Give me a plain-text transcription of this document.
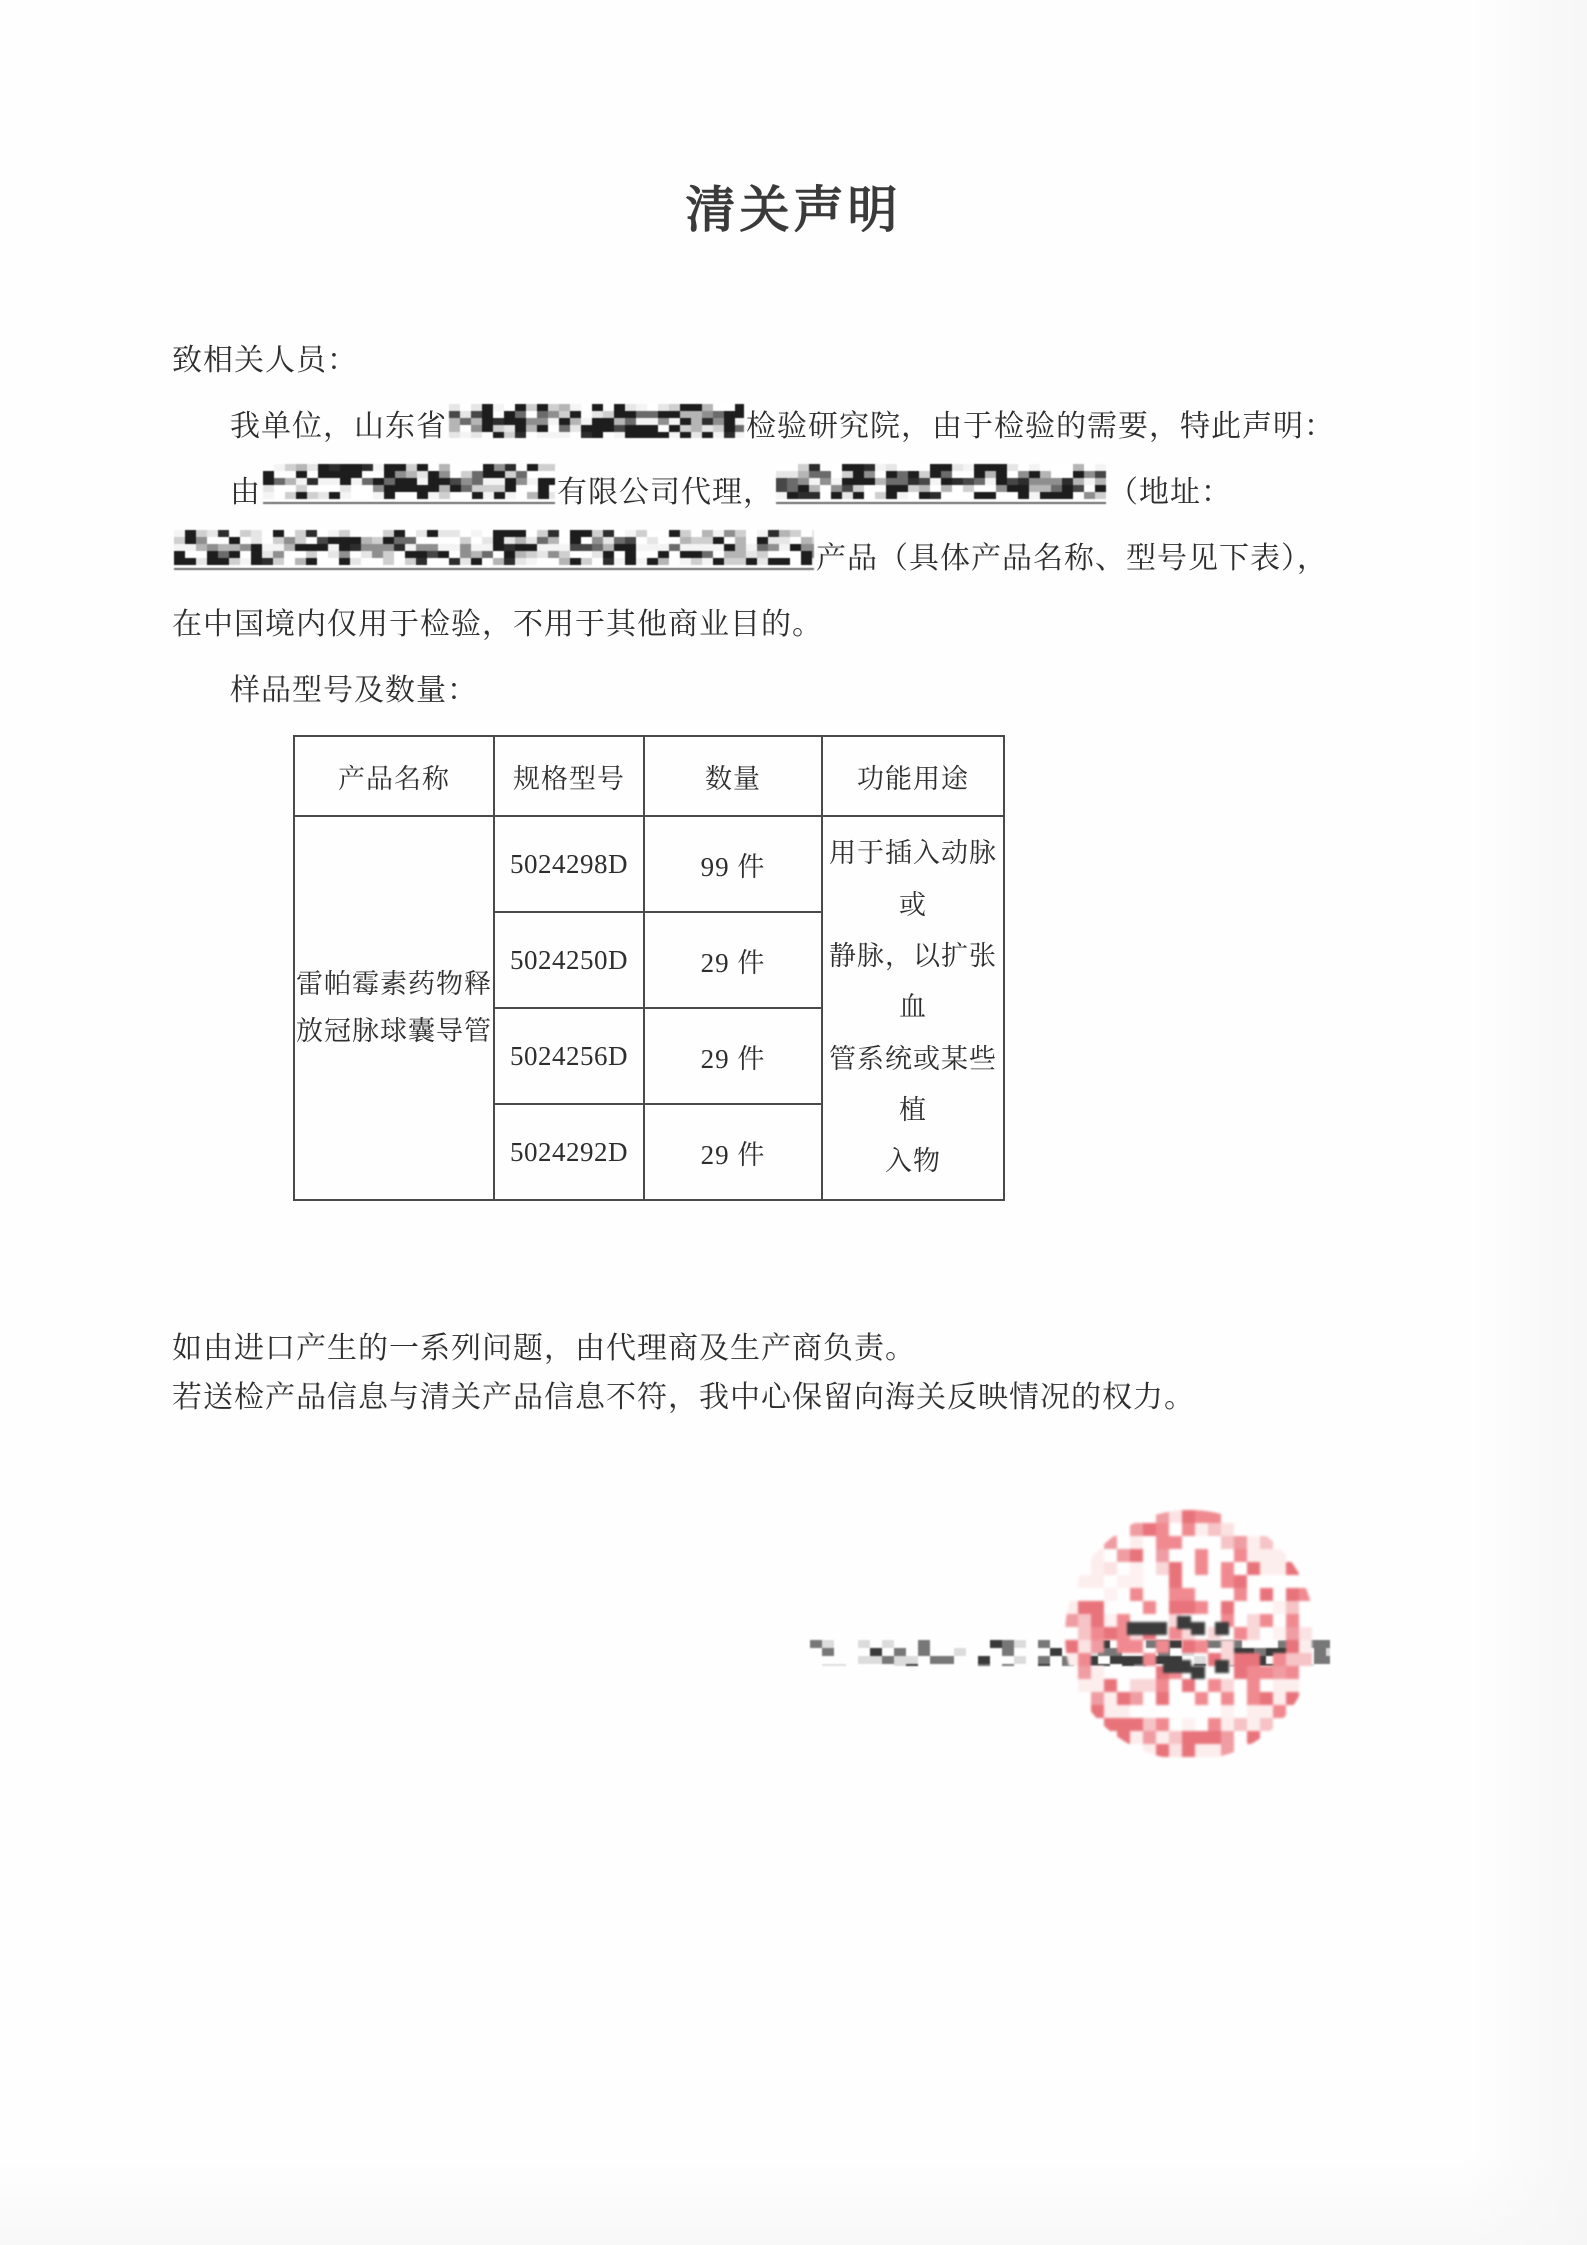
清关声明
致相关人员：
我单位，山东省	检验研究院，由于检验的需要，特此声明：
由	有限公司代理，	（地址：
产品（具体产品名称、型号见下表），
在中国境内仅用于检验，不用于其他商业目的。
样品型号及数量：
产品名称	规格型号	数量	功能用途

雷帕霉素药物释
放冠脉球囊导管
	5024298D	99 件	用于插入动脉或
静脉，以扩张血
管系统或某些植
入物

	5024250D	29 件	
	5024256D	29 件	
	5024292D	29 件	
如由进口产生的一系列问题，由代理商及生产商负责。
若送检产品信息与清关产品信息不符，我中心保留向海关反映情况的权力。
